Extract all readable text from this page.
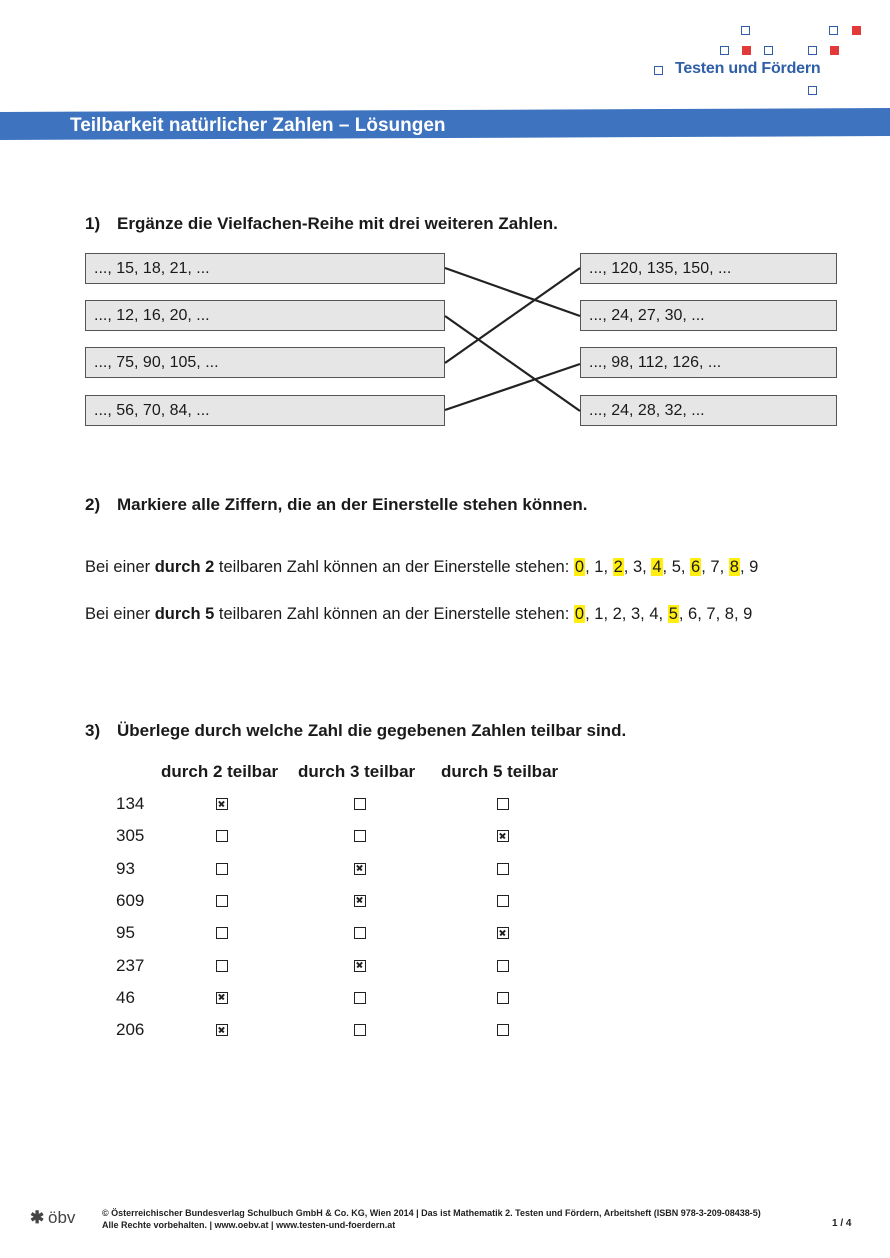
Testen und Fördern
Teilbarkeit natürlicher Zahlen – Lösungen
1) Ergänze die Vielfachen-Reihe mit drei weiteren Zahlen.
..., 15, 18, 21, ...
..., 12, 16, 20, ...
..., 75, 90, 105, ...
..., 56, 70, 84, ...
..., 120, 135, 150, ...
..., 24, 27, 30, ...
..., 98, 112, 126, ...
..., 24, 28, 32, ...
2) Markiere alle Ziffern, die an der Einerstelle stehen können.
Bei einer durch 2 teilbaren Zahl können an der Einerstelle stehen: 0, 1, 2, 3, 4, 5, 6, 7, 8, 9
Bei einer durch 5 teilbaren Zahl können an der Einerstelle stehen: 0, 1, 2, 3, 4, 5, 6, 7, 8, 9
3) Überlege durch welche Zahl die gegebenen Zahlen teilbar sind.
durch 2 teilbar durch 3 teilbar durch 5 teilbar
134
305
93
609
95
237
46
206
✱ öbv	© Österreichischer Bundesverlag Schulbuch GmbH & Co. KG, Wien 2014 | Das ist Mathematik 2. Testen und Fördern, Arbeitsheft (ISBN 978-3-209-08438-5)
Alle Rechte vorbehalten. | www.oebv.at | www.testen-und-foerdern.at	1 / 4
